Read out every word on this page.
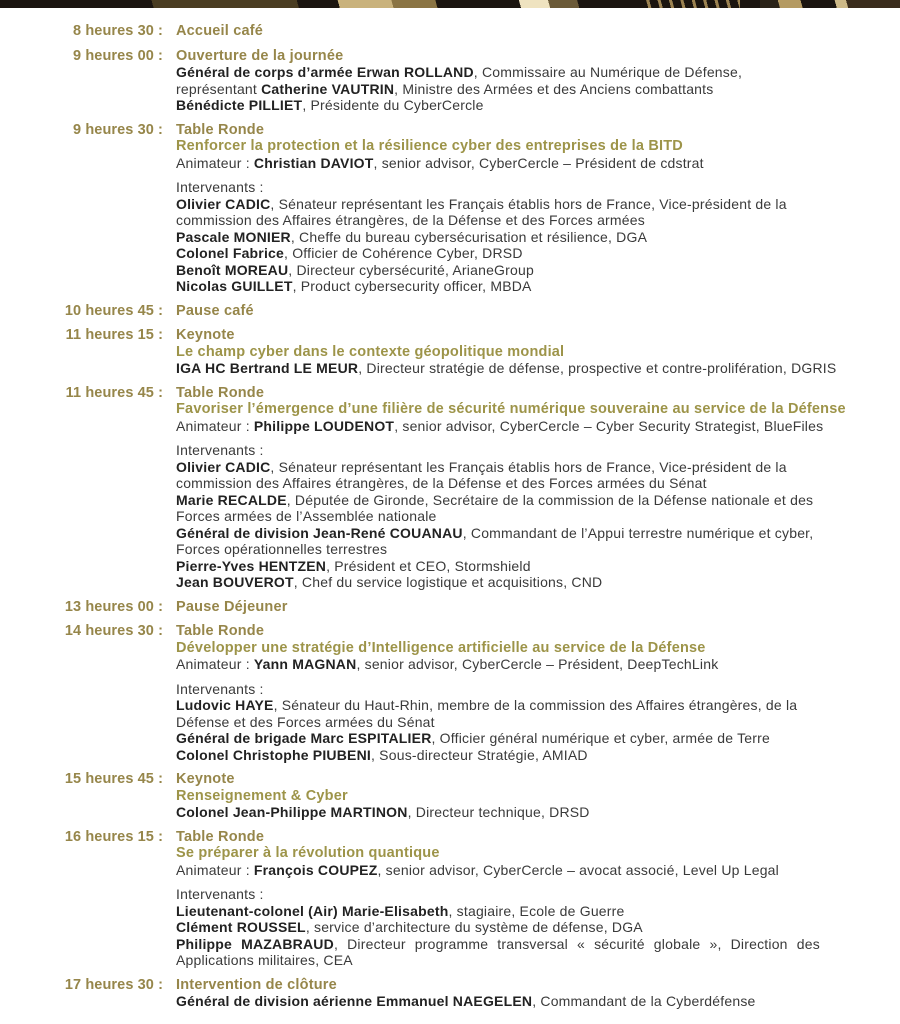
8 heures 30 : Accueil café
9 heures 00 : Ouverture de la journée
Général de corps d’armée Erwan ROLLAND, Commissaire au Numérique de Défense,
représentant Catherine VAUTRIN, Ministre des Armées et des Anciens combattants
Bénédicte PILLIET, Présidente du CyberCercle
9 heures 30 : Table Ronde
Renforcer la protection et la résilience cyber des entreprises de la BITD
Animateur : Christian DAVIOT, senior advisor, CyberCercle – Président de cdstrat
Intervenants :
Olivier CADIC, Sénateur représentant les Français établis hors de France, Vice-président de la
commission des Affaires étrangères, de la Défense et des Forces armées
Pascale MONIER, Cheffe du bureau cybersécurisation et résilience, DGA
Colonel Fabrice, Officier de Cohérence Cyber, DRSD
Benoît MOREAU, Directeur cybersécurité, ArianeGroup
Nicolas GUILLET, Product cybersecurity officer, MBDA
10 heures 45 : Pause café
11 heures 15 : Keynote
Le champ cyber dans le contexte géopolitique mondial
IGA HC Bertrand LE MEUR, Directeur stratégie de défense, prospective et contre-prolifération, DGRIS
11 heures 45 : Table Ronde
Favoriser l’émergence d’une filière de sécurité numérique souveraine au service de la Défense
Animateur : Philippe LOUDENOT, senior advisor, CyberCercle – Cyber Security Strategist, BlueFiles
Intervenants :
Olivier CADIC, Sénateur représentant les Français établis hors de France, Vice-président de la
commission des Affaires étrangères, de la Défense et des Forces armées du Sénat
Marie RECALDE, Députée de Gironde, Secrétaire de la commission de la Défense nationale et des
Forces armées de l’Assemblée nationale
Général de division Jean-René COUANAU, Commandant de l’Appui terrestre numérique et cyber,
Forces opérationnelles terrestres
Pierre-Yves HENTZEN, Président et CEO, Stormshield
Jean BOUVEROT, Chef du service logistique et acquisitions, CND
13 heures 00 : Pause Déjeuner
14 heures 30 : Table Ronde
Développer une stratégie d’Intelligence artificielle au service de la Défense
Animateur : Yann MAGNAN, senior advisor, CyberCercle – Président, DeepTechLink
Intervenants :
Ludovic HAYE, Sénateur du Haut-Rhin, membre de la commission des Affaires étrangères, de la
Défense et des Forces armées du Sénat
Général de brigade Marc ESPITALIER, Officier général numérique et cyber, armée de Terre
Colonel Christophe PIUBENI, Sous-directeur Stratégie, AMIAD
15 heures 45 : Keynote
Renseignement & Cyber
Colonel Jean-Philippe MARTINON, Directeur technique, DRSD
16 heures 15 : Table Ronde
Se préparer à la révolution quantique
Animateur : François COUPEZ, senior advisor, CyberCercle – avocat associé, Level Up Legal
Intervenants :
Lieutenant-colonel (Air) Marie-Elisabeth, stagiaire, Ecole de Guerre
Clément ROUSSEL, service d’architecture du système de défense, DGA
Philippe MAZABRAUD, Directeur programme transversal « sécurité globale », Direction des
Applications militaires, CEA
17 heures 30 : Intervention de clôture
Général de division aérienne Emmanuel NAEGELEN, Commandant de la Cyberdéfense
